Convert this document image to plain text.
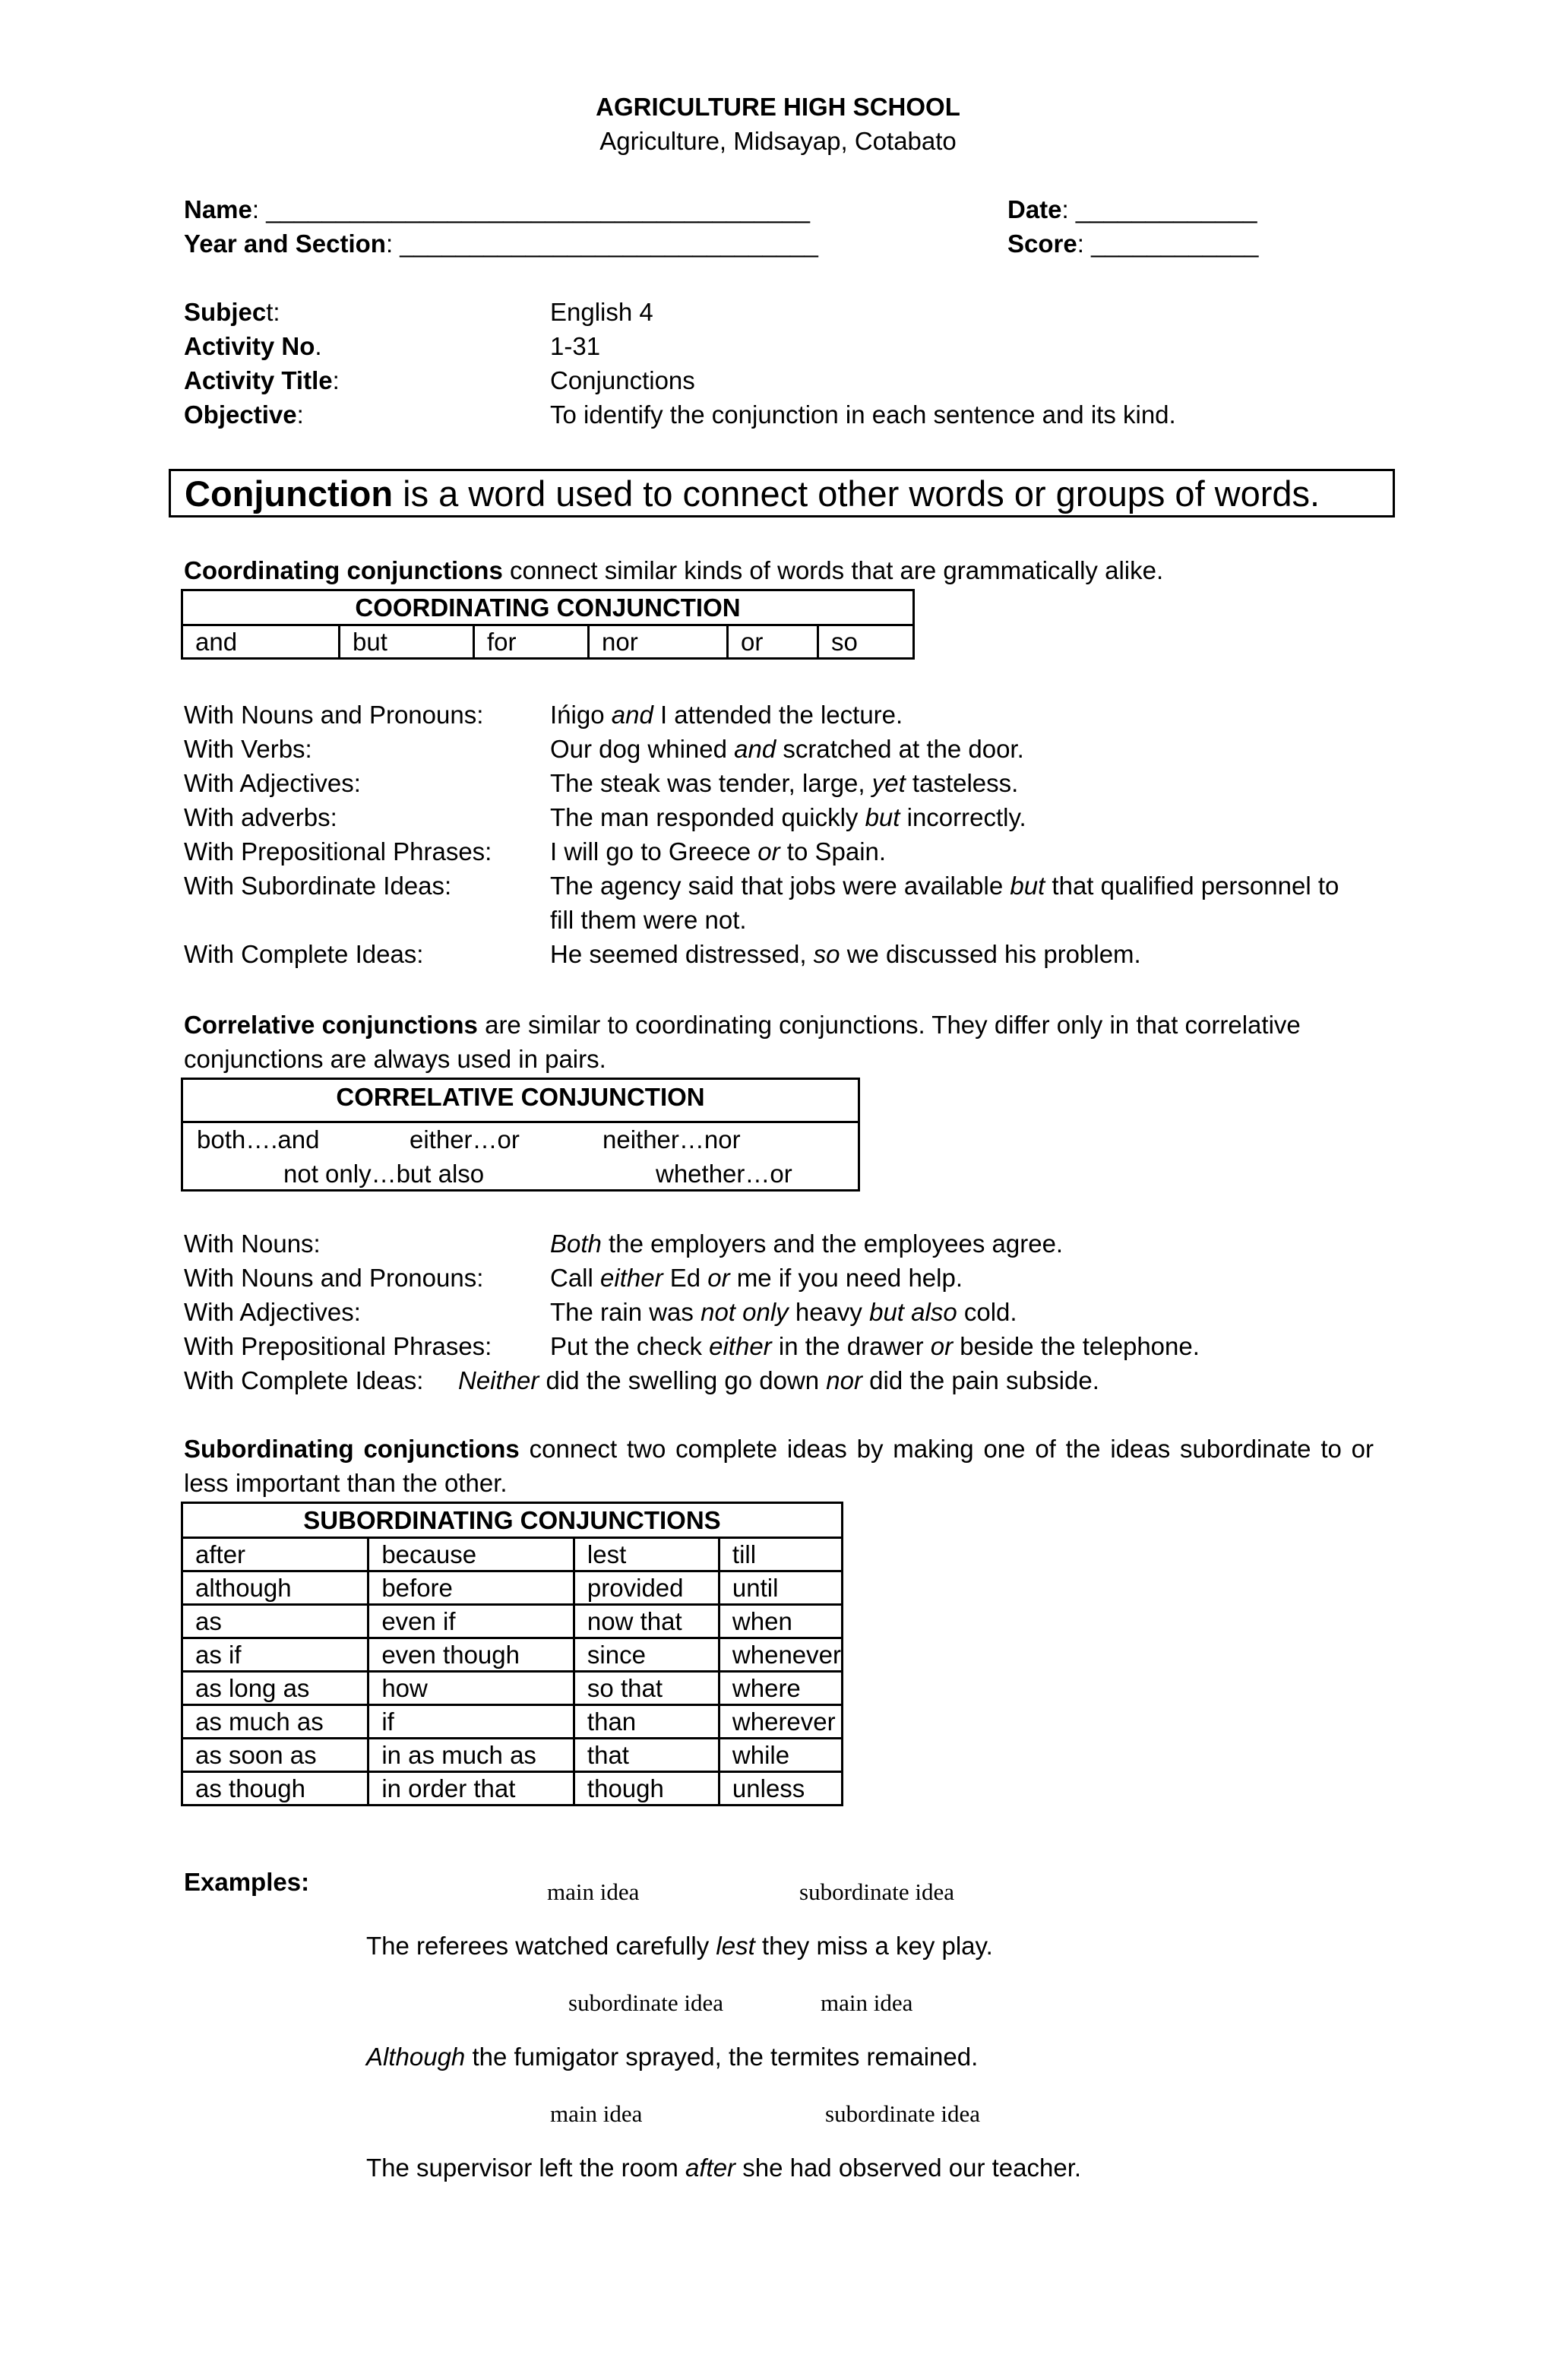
AGRICULTURE HIGH SCHOOL
Agriculture, Midsayap, Cotabato
Name: _______________________________________	Date: _____________
Year and Section: ______________________________	Score: ____________
Subject:	English 4
Activity No.	1-31
Activity Title:	Conjunctions
Objective:	To identify the conjunction in each sentence and its kind.
Conjunction is a word used to connect other words or groups of words.
Coordinating conjunctions connect similar kinds of words that are grammatically alike.
COORDINATING CONJUNCTION
and	but	for	nor	or	so
With Nouns and Pronouns:	Ińigo and I attended the lecture.
With Verbs:	Our dog whined and scratched at the door.
With Adjectives:	The steak was tender, large, yet tasteless.
With adverbs:	The man responded quickly but incorrectly.
With Prepositional Phrases: I will go to Greece or to Spain.
With Subordinate Ideas:	The agency said that jobs were available but that qualified personnel to
fill them were not.
With Complete Ideas:	He seemed distressed, so we discussed his problem.
Correlative conjunctions are similar to coordinating conjunctions. They differ only in that correlative
conjunctions are always used in pairs.
CORRELATIVE CONJUNCTION
both….and	either…or	neither…nor
not only…but also	whether…or
With Nouns:	Both the employers and the employees agree.
With Nouns and Pronouns:	Call either Ed or me if you need help.
With Adjectives:	The rain was not only heavy but also cold.
With Prepositional Phrases: Put the check either in the drawer or beside the telephone.
With Complete Ideas: Neither did the swelling go down nor did the pain subside.
Subordinating conjunctions connect two complete ideas by making one of the ideas subordinate to or
less important than the other.
SUBORDINATING CONJUNCTIONS			
after	because	lest	till
although	before	provided	until
as	even if	now that	when
as if	even though	since	whenever
as long as	how	so that	where
as much as	if	than	wherever
as soon as	in as much as	that	while
as though	in order that	though	unless
Examples:	main idea	subordinate idea
The referees watched carefully lest they miss a key play.
subordinate idea	main idea
Although the fumigator sprayed, the termites remained.
main idea	subordinate idea
The supervisor left the room after she had observed our teacher.
